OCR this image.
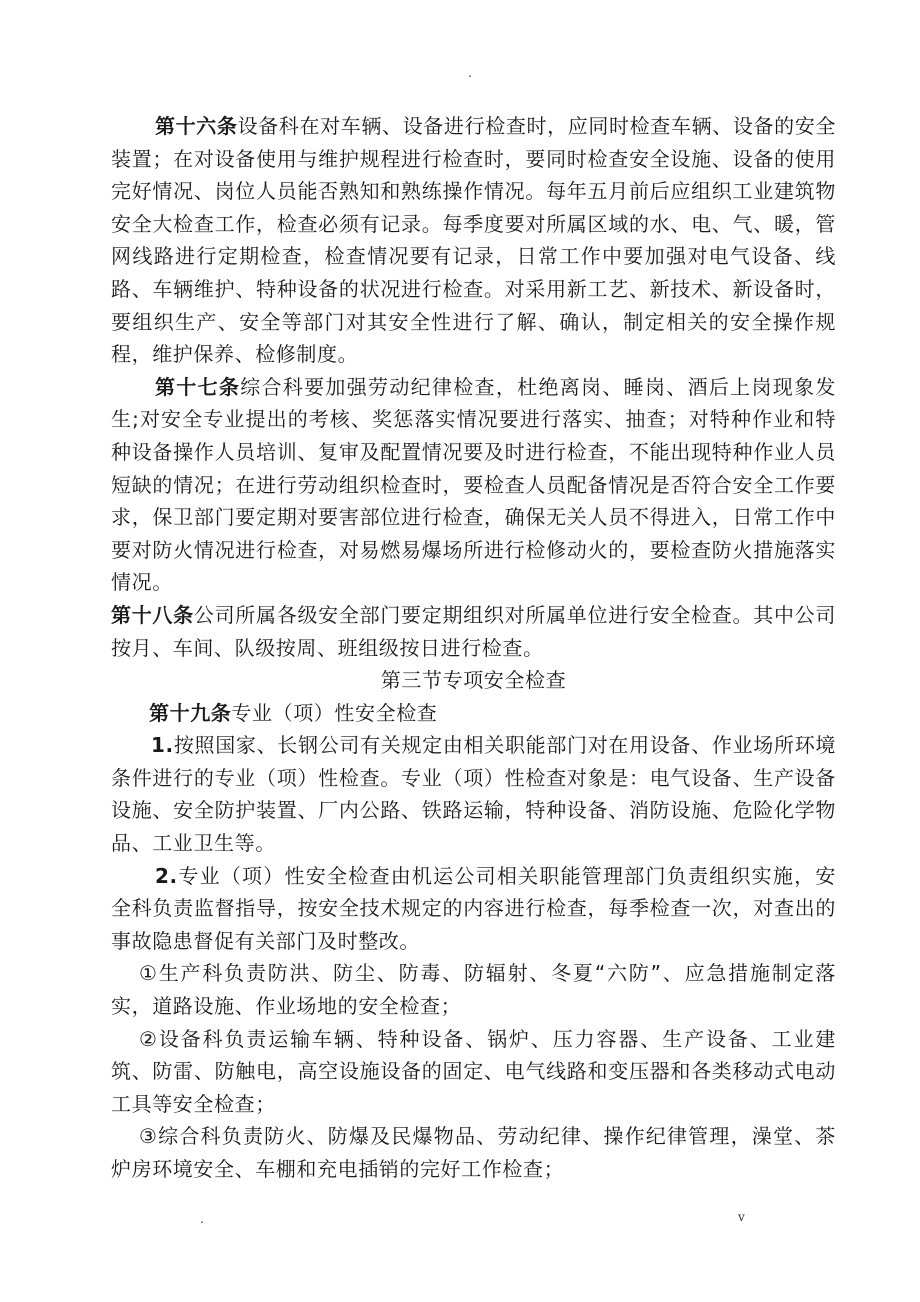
.

第十六条设备科在对车辆、设备进行检查时，应同时检查车辆、设备的安全装置；在对设备使用与维护规程进行检查时，要同时检查安全设施、设备的使用完好情况、岗位人员能否熟知和熟练操作情况。每年五月前后应组织工业建筑物安全大检查工作，检查必须有记录。每季度要对所属区域的水、电、气、暖，管网线路进行定期检查，检查情况要有记录，日常工作中要加强对电气设备、线路、车辆维护、特种设备的状况进行检查。对采用新工艺、新技术、新设备时，要组织生产、安全等部门对其安全性进行了解、确认，制定相关的安全操作规程，维护保养、检修制度。

第十七条综合科要加强劳动纪律检查，杜绝离岗、睡岗、酒后上岗现象发生;对安全专业提出的考核、奖惩落实情况要进行落实、抽查；对特种作业和特种设备操作人员培训、复审及配置情况要及时进行检查，不能出现特种作业人员短缺的情况；在进行劳动组织检查时，要检查人员配备情况是否符合安全工作要求，保卫部门要定期对要害部位进行检查，确保无关人员不得进入，日常工作中要对防火情况进行检查，对易燃易爆场所进行检修动火的，要检查防火措施落实情况。

第十八条公司所属各级安全部门要定期组织对所属单位进行安全检查。其中公司按月、车间、队级按周、班组级按日进行检查。

第三节专项安全检查

第十九条专业（项）性安全检查

1.按照国家、长钢公司有关规定由相关职能部门对在用设备、作业场所环境条件进行的专业（项）性检查。专业（项）性检查对象是：电气设备、生产设备设施、安全防护装置、厂内公路、铁路运输，特种设备、消防设施、危险化学物品、工业卫生等。

2.专业（项）性安全检查由机运公司相关职能管理部门负责组织实施，安全科负责监督指导，按安全技术规定的内容进行检查，每季检查一次，对查出的事故隐患督促有关部门及时整改。

①生产科负责防洪、防尘、防毒、防辐射、冬夏“六防”、应急措施制定落实，道路设施、作业场地的安全检查；

②设备科负责运输车辆、特种设备、锅炉、压力容器、生产设备、工业建筑、防雷、防触电，高空设施设备的固定、电气线路和变压器和各类移动式电动工具等安全检查；

③综合科负责防火、防爆及民爆物品、劳动纪律、操作纪律管理，澡堂、茶炉房环境安全、车棚和充电插销的完好工作检查；

.	v
